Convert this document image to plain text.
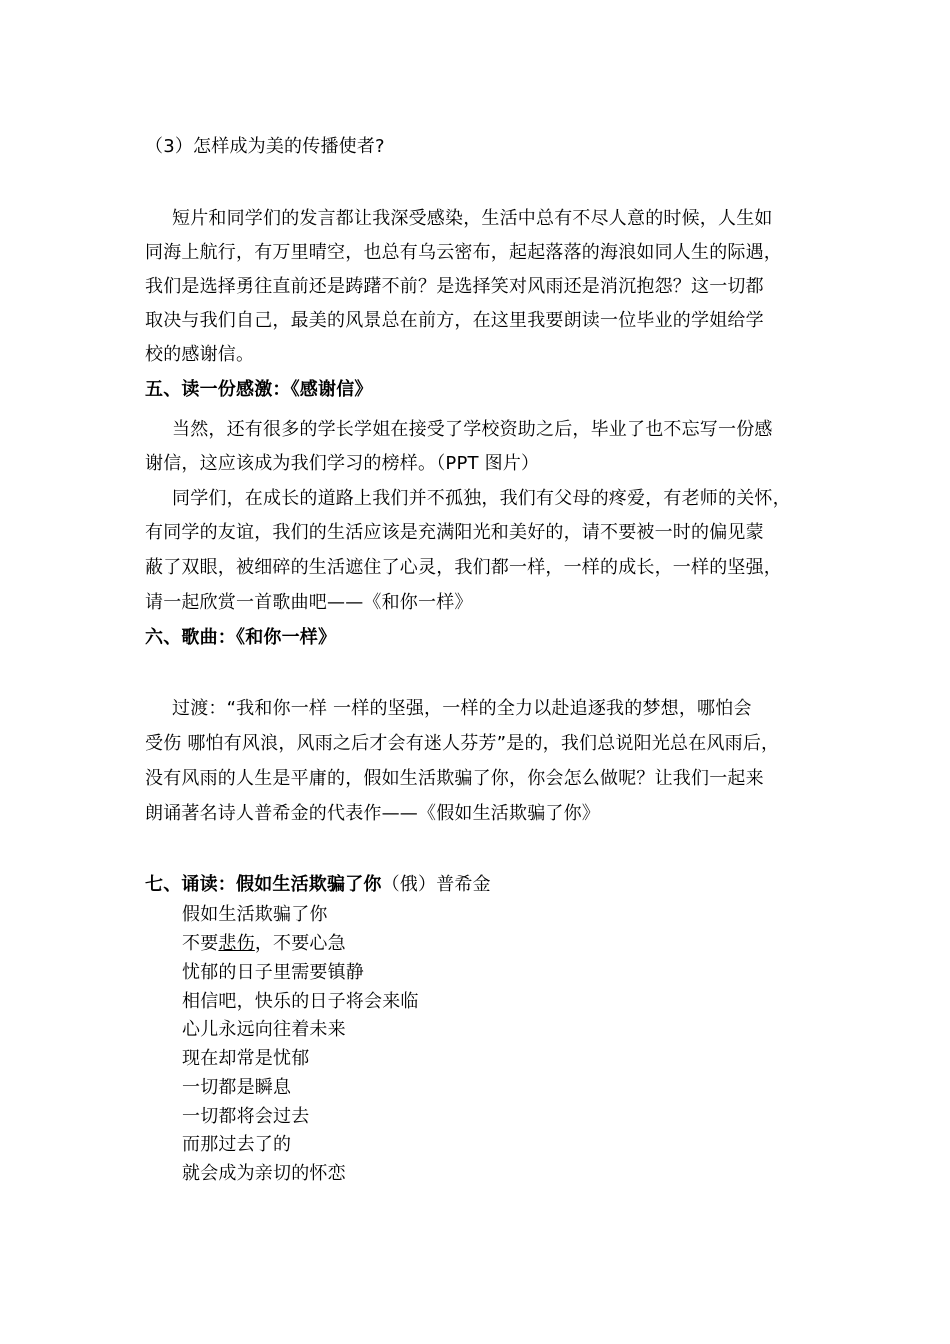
（3）怎样成为美的传播使者?
短片和同学们的发言都让我深受感染，生活中总有不尽人意的时候，人生如
同海上航行，有万里晴空，也总有乌云密布，起起落落的海浪如同人生的际遇，
我们是选择勇往直前还是踌躇不前？是选择笑对风雨还是消沉抱怨？这一切都
取决与我们自己，最美的风景总在前方，在这里我要朗读一位毕业的学姐给学
校的感谢信。
五、读一份感激：《感谢信》
当然，还有很多的学长学姐在接受了学校资助之后，毕业了也不忘写一份感
谢信，这应该成为我们学习的榜样。（PPT 图片）
同学们，在成长的道路上我们并不孤独，我们有父母的疼爱，有老师的关怀，
有同学的友谊，我们的生活应该是充满阳光和美好的，请不要被一时的偏见蒙
蔽了双眼，被细碎的生活遮住了心灵，我们都一样，一样的成长，一样的坚强，
请一起欣赏一首歌曲吧——《和你一样》
六、歌曲：《和你一样》
过渡：“我和你一样 一样的坚强，一样的全力以赴追逐我的梦想，哪怕会
受伤 哪怕有风浪，风雨之后才会有迷人芬芳”是的，我们总说阳光总在风雨后，
没有风雨的人生是平庸的，假如生活欺骗了你，你会怎么做呢？让我们一起来
朗诵著名诗人普希金的代表作——《假如生活欺骗了你》
七、诵读：假如生活欺骗了你（俄）普希金
假如生活欺骗了你
不要悲伤，不要心急
忧郁的日子里需要镇静
相信吧，快乐的日子将会来临
心儿永远向往着未来
现在却常是忧郁
一切都是瞬息
一切都将会过去
而那过去了的
就会成为亲切的怀恋
